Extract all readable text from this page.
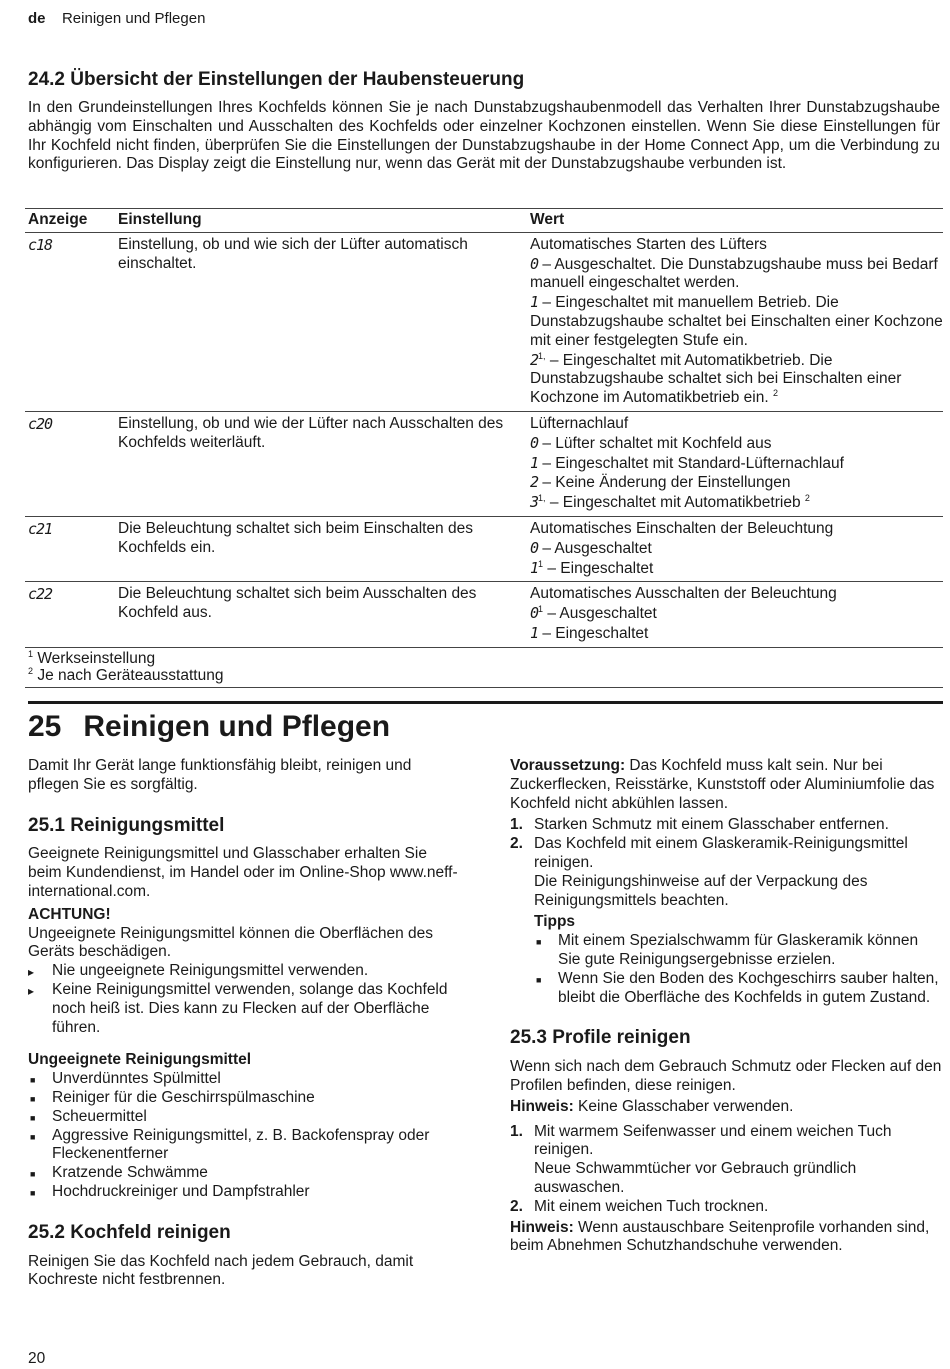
de Reinigen und Pflegen
24.2 Übersicht der Einstellungen der Haubensteuerung
In den Grundeinstellungen Ihres Kochfelds können Sie je nach Dunstabzugshaubenmodell das Verhalten Ihrer Dunstabzugshaube abhängig vom Einschalten und Ausschalten des Kochfelds oder einzelner Kochzonen einstellen. Wenn Sie diese Einstellungen für Ihr Kochfeld nicht finden, überprüfen Sie die Einstellungen der Dunstabzugshaube in der Home Connect App, um die Verbindung zu konfigurieren. Das Display zeigt die Einstellung nur, wenn das Gerät mit der Dunstabzugshaube verbunden ist.
Anzeige	Einstellung	Wert
c18	Einstellung, ob und wie sich der Lüfter automatisch einschaltet.	Automatisches Starten des Lüfters
0 – Ausgeschaltet. Die Dunstabzugshaube muss bei Bedarf manuell eingeschaltet werden.
1 – Eingeschaltet mit manuellem Betrieb. Die Dunstabzugshaube schaltet bei Einschalten einer Kochzone mit einer festgelegten Stufe ein.
$2^{1,}$ – Eingeschaltet mit Automatikbetrieb. Die Dunstabzugshaube schaltet sich bei Einschalten einer Kochzone im Automatikbetrieb ein. $^2$

c20	Einstellung, ob und wie der Lüfter nach Ausschalten des Kochfelds weiterläuft.	Lüfternachlauf
0 – Lüfter schaltet mit Kochfeld aus
1 – Eingeschaltet mit Standard-Lüfternachlauf
2 – Keine Änderung der Einstellungen
$3^{1,}$ – Eingeschaltet mit Automatikbetrieb $^2$

c21	Die Beleuchtung schaltet sich beim Einschalten des Kochfelds ein.	Automatisches Einschalten der Beleuchtung
0 – Ausgeschaltet
$1^1$ – Eingeschaltet

c22	Die Beleuchtung schaltet sich beim Ausschalten des Kochfeld aus.	Automatisches Ausschalten der Beleuchtung
$0^1$ – Ausgeschaltet
1 – Eingeschaltet

$^1$ Werkseinstellung
$^2$ Je nach Geräteausstattung		
25 Reinigen und Pflegen
Damit Ihr Gerät lange funktionsfähig bleibt, reinigen und pflegen Sie es sorgfältig.
25.1 Reinigungsmittel
Geeignete Reinigungsmittel und Glasschaber erhalten Sie beim Kundendienst, im Handel oder im Online-Shop www.neff-international.com.
ACHTUNG!
Ungeeignete Reinigungsmittel können die Oberflächen des Geräts beschädigen.
▸ Nie ungeeignete Reinigungsmittel verwenden.
▸ Keine Reinigungsmittel verwenden, solange das Kochfeld noch heiß ist. Dies kann zu Flecken auf der Oberfläche führen.
Ungeeignete Reinigungsmittel
■ Unverdünntes Spülmittel
■ Reiniger für die Geschirrspülmaschine
■ Scheuermittel
■ Aggressive Reinigungsmittel, z. B. Backofenspray oder Fleckenentferner
■ Kratzende Schwämme
■ Hochdruckreiniger und Dampfstrahler
25.2 Kochfeld reinigen
Reinigen Sie das Kochfeld nach jedem Gebrauch, damit Kochreste nicht festbrennen.
Voraussetzung: Das Kochfeld muss kalt sein. Nur bei Zuckerflecken, Reisstärke, Kunststoff oder Aluminiumfolie das Kochfeld nicht abkühlen lassen.
1. Starken Schmutz mit einem Glasschaber entfernen.
2. Das Kochfeld mit einem Glaskeramik-Reinigungsmittel reinigen.
Die Reinigungshinweise auf der Verpackung des Reinigungsmittels beachten.
Tipps
■ Mit einem Spezialschwamm für Glaskeramik können Sie gute Reinigungsergebnisse erzielen.
■ Wenn Sie den Boden des Kochgeschirrs sauber halten, bleibt die Oberfläche des Kochfelds in gutem Zustand.
25.3 Profile reinigen
Wenn sich nach dem Gebrauch Schmutz oder Flecken auf den Profilen befinden, diese reinigen.
Hinweis: Keine Glasschaber verwenden.
1. Mit warmem Seifenwasser und einem weichen Tuch reinigen.
Neue Schwammtücher vor Gebrauch gründlich auswaschen.
2. Mit einem weichen Tuch trocknen.
Hinweis: Wenn austauschbare Seitenprofile vorhanden sind, beim Abnehmen Schutzhandschuhe verwenden.
20
